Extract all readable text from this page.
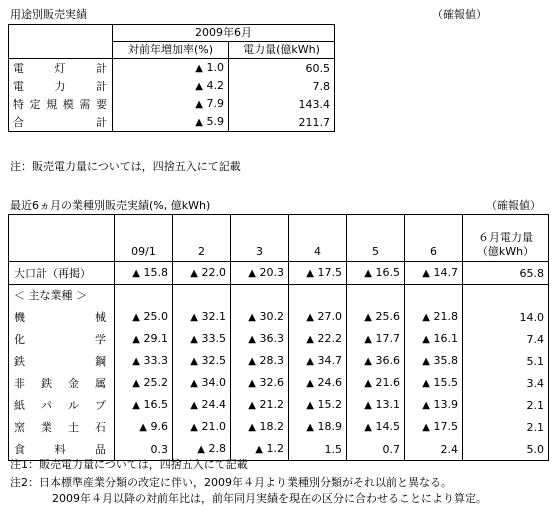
用途別販売実績	（確報値）
	2009年6月	
	対前年増加率(%)	電力量(億kWh)
電灯計	▲ 1.0	60.5
電力計	▲ 4.2	7.8
特定規模需要	▲ 7.9	143.4
合計	▲ 5.9	211.7
注：販売電力量については，四捨五入にて記載
最近6ヵ月の業種別販売実績(%, 億kWh)	（確報値）
	09/1	2	3	4	5	6	６月電力量
（億kWh）

大口計（再掲）	▲ 15.8	▲ 22.0	▲ 20.3	▲ 17.5	▲ 16.5	▲ 14.7	65.8
＜ 主な業種 ＞							
機械	▲ 25.0	▲ 32.1	▲ 30.2	▲ 27.0	▲ 25.6	▲ 21.8	14.0
化学	▲ 29.1	▲ 33.5	▲ 36.3	▲ 22.2	▲ 17.7	▲ 16.1	7.4
鉄鋼	▲ 33.3	▲ 32.5	▲ 28.3	▲ 34.7	▲ 36.6	▲ 35.8	5.1
非鉄金属	▲ 25.2	▲ 34.0	▲ 32.6	▲ 24.6	▲ 21.6	▲ 15.5	3.4
紙パルプ	▲ 16.5	▲ 24.4	▲ 21.2	▲ 15.2	▲ 13.1	▲ 13.9	2.1
窯業土石	▲ 9.6	▲ 21.0	▲ 18.2	▲ 18.9	▲ 14.5	▲ 17.5	2.1
食料品	0.3	▲ 2.8	▲ 1.2	1.5	0.7	2.4	5.0
注1：販売電力量については，四捨五入にて記載
注2：日本標準産業分類の改定に伴い，2009年４月より業種別分類がそれ以前と異なる。
2009年４月以降の対前年比は，前年同月実績を現在の区分に合わせることにより算定。
